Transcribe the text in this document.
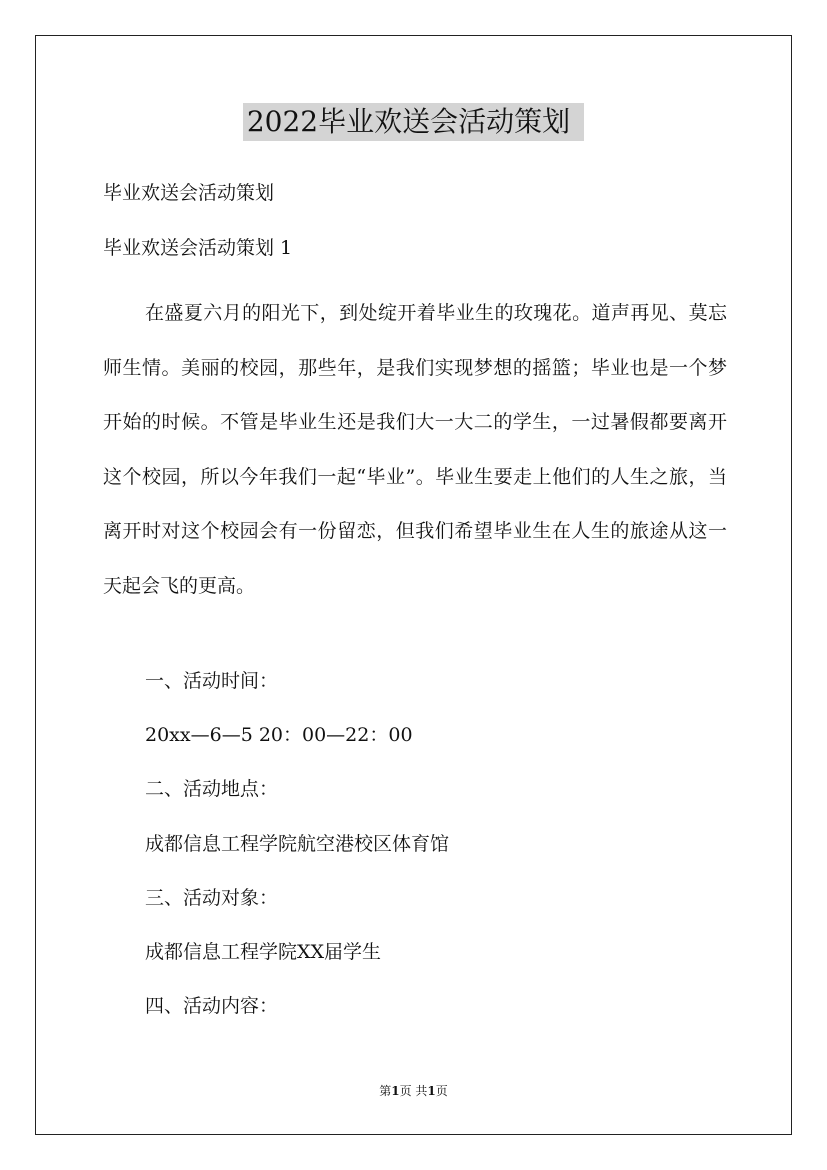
2022毕业欢送会活动策划
毕业欢送会活动策划
毕业欢送会活动策划 1

在盛夏六月的阳光下，到处绽开着毕业生的玫瑰花。道声再见、莫忘师生情。美丽的校园，那些年，是我们实现梦想的摇篮；毕业也是一个梦开始的时候。不管是毕业生还是我们大一大二的学生，一过暑假都要离开这个校园，所以今年我们一起“毕业”。毕业生要走上他们的人生之旅，当离开时对这个校园会有一份留恋，但我们希望毕业生在人生的旅途从这一天起会飞的更高。

一、活动时间：
20xx—6—5 20：00—22：00
二、活动地点：
成都信息工程学院航空港校区体育馆
三、活动对象：
成都信息工程学院XX届学生
四、活动内容：
第1页 共1页
